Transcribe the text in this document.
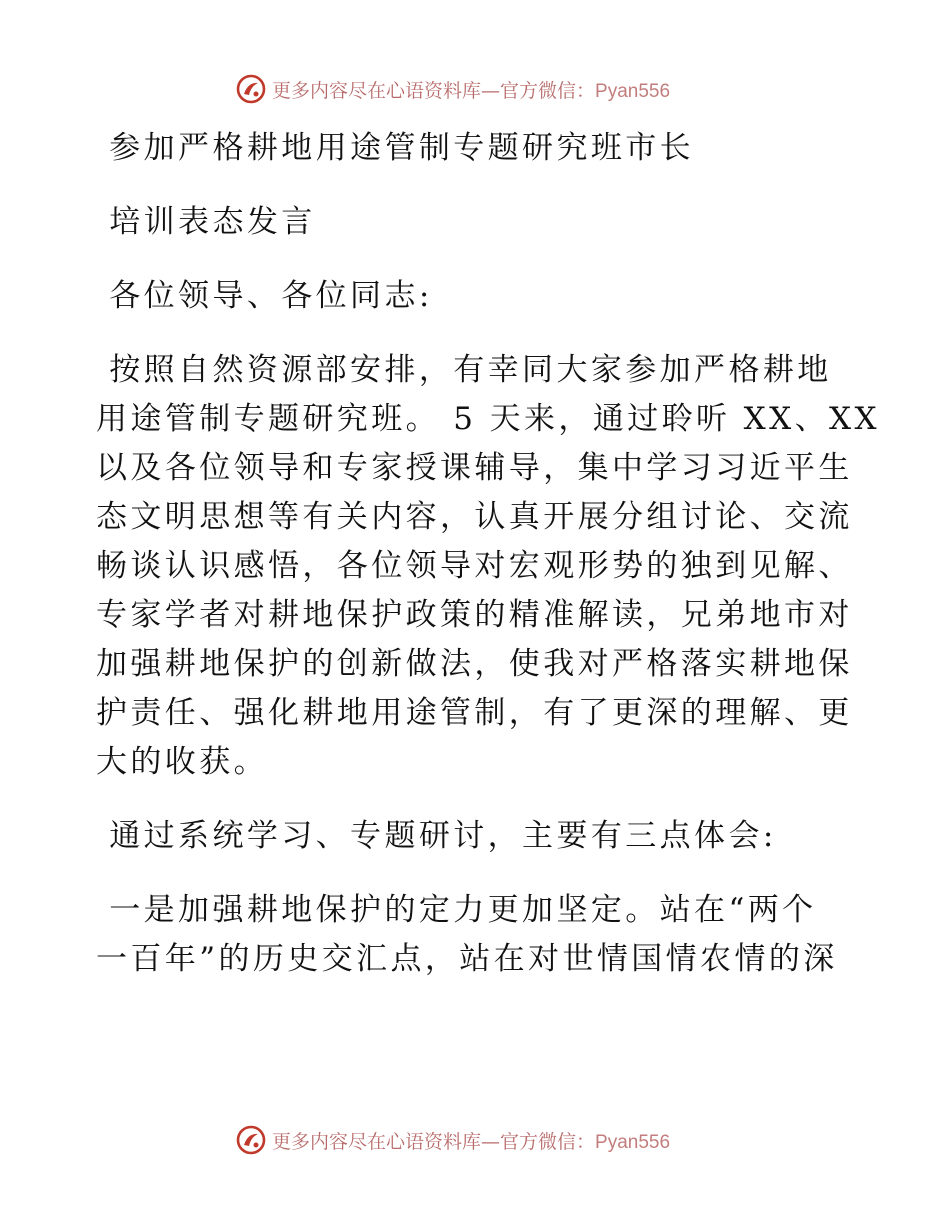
更多内容尽在心语资料库—官方微信：Pyan556
参加严格耕地用途管制专题研究班市长
培训表态发言
各位领导、各位同志:
按照自然资源部安排，有幸同大家参加严格耕地
用途管制专题研究班。 5 天来，通过聆听 XX、XX
以及各位领导和专家授课辅导，集中学习习近平生
态文明思想等有关内容，认真开展分组讨论、交流
畅谈认识感悟，各位领导对宏观形势的独到见解、
专家学者对耕地保护政策的精准解读，兄弟地市对
加强耕地保护的创新做法，使我对严格落实耕地保
护责任、强化耕地用途管制，有了更深的理解、更
大的收获。
通过系统学习、专题研讨，主要有三点体会:
一是加强耕地保护的定力更加坚定。站在“两个
一百年”的历史交汇点，站在对世情国情农情的深
更多内容尽在心语资料库—官方微信：Pyan556
